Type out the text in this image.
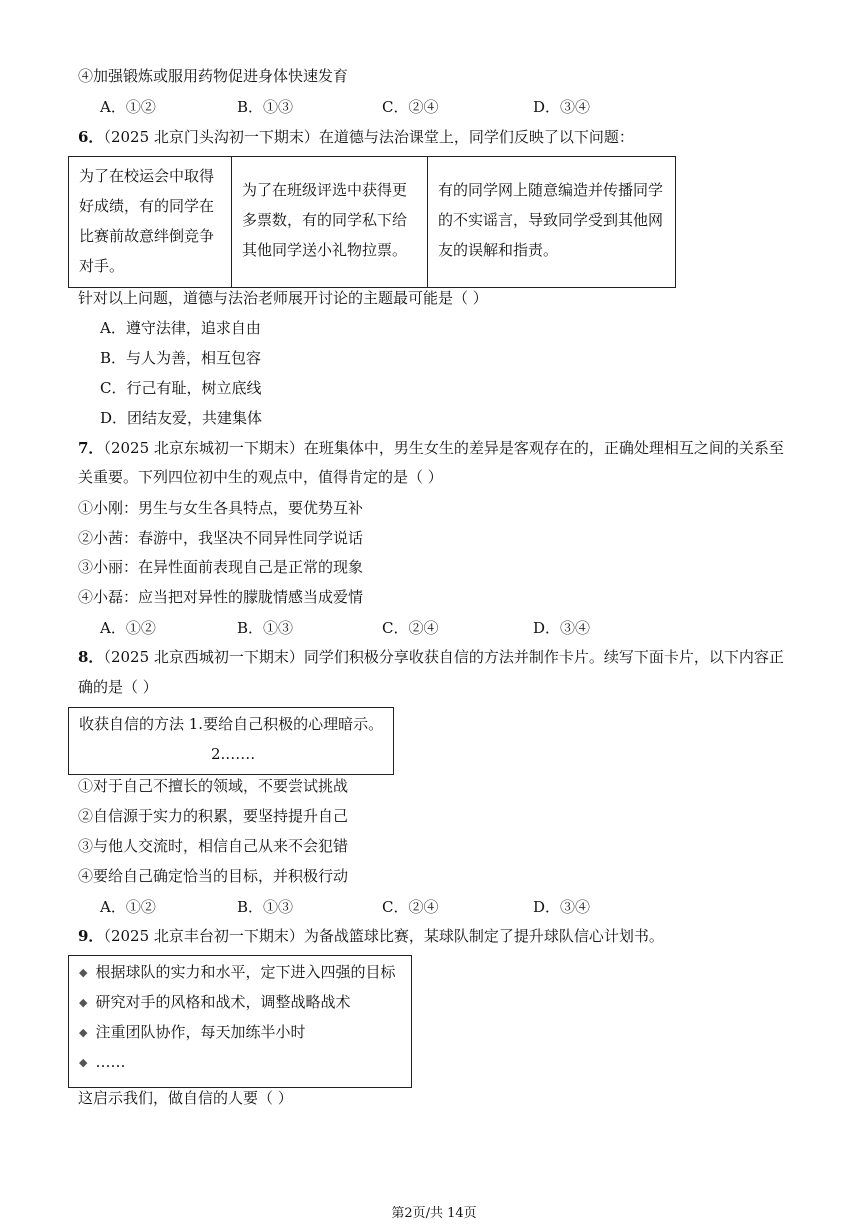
④加强锻炼或服用药物促进身体快速发育
A．①②	B．①③	C．②④	D．③④
6．（2025 北京门头沟初一下期末）在道德与法治课堂上，同学们反映了以下问题：
为了在校运会中取得好成绩，有的同学在比赛前故意绊倒竞争对手。
为了在班级评选中获得更多票数，有的同学私下给其他同学送小礼物拉票。
有的同学网上随意编造并传播同学的不实谣言，导致同学受到其他网友的误解和指责。
针对以上问题，道德与法治老师展开讨论的主题最可能是（ ）
A．遵守法律，追求自由
B．与人为善，相互包容
C．行己有耻，树立底线
D．团结友爱，共建集体
7．（2025 北京东城初一下期末）在班集体中，男生女生的差异是客观存在的，正确处理相互之间的关系至
关重要。下列四位初中生的观点中，值得肯定的是（ ）
①小刚：男生与女生各具特点，要优势互补
②小茜：春游中，我坚决不同异性同学说话
③小丽：在异性面前表现自己是正常的现象
④小磊：应当把对异性的朦胧情感当成爱情
A．①②	B．①③	C．②④	D．③④
8．（2025 北京西城初一下期末）同学们积极分享收获自信的方法并制作卡片。续写下面卡片，以下内容正
确的是（ ）
收获自信的方法 1.要给自己积极的心理暗示。
2.……
①对于自己不擅长的领域，不要尝试挑战
②自信源于实力的积累，要坚持提升自己
③与他人交流时，相信自己从来不会犯错
④要给自己确定恰当的目标，并积极行动
A．①②	B．①③	C．②④	D．③④
9．（2025 北京丰台初一下期末）为备战篮球比赛，某球队制定了提升球队信心计划书。
◆ 根据球队的实力和水平，定下进入四强的目标
◆ 研究对手的风格和战术，调整战略战术
◆ 注重团队协作，每天加练半小时
◆ ……
这启示我们，做自信的人要（ ）
第2页/共 14页
